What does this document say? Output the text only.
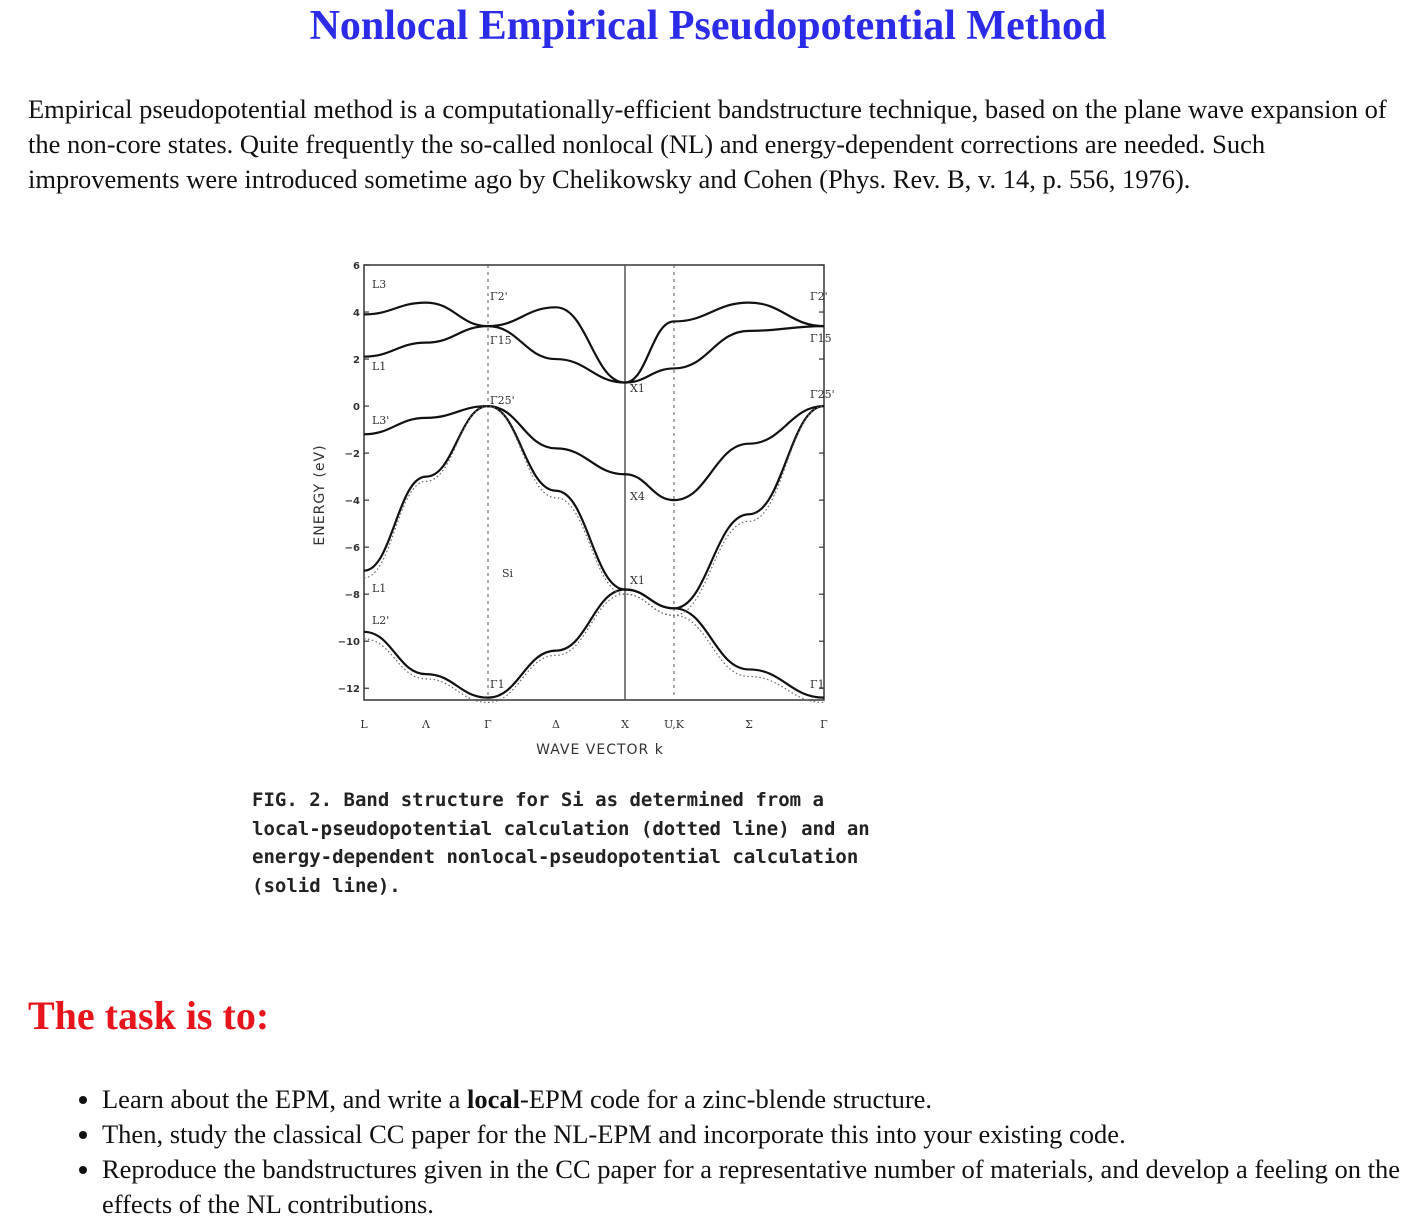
Nonlocal Empirical Pseudopotential Method

Empirical pseudopotential method is a computationally-efficient bandstructure technique, based on the plane wave expansion of the non-core states. Quite frequently the so-called nonlocal (NL) and energy-dependent corrections are needed. Such improvements were introduced sometime ago by Chelikowsky and Cohen (Phys. Rev. B, v. 14, p. 556, 1976).

6
4
2
0
−2
−4
−6
−8
−10
−12
L	Λ	Γ	Δ	X	U,K	Σ	Γ
L3
L1
L3'
L1
L2'
Γ2'
Γ15
Γ25'
Γ1
X1
X4
X1
Γ2'
Γ15
Γ25'
Γ1
Si
ENERGY (eV)
WAVE VECTOR k

FIG. 2. Band structure for Si as determined from a local-pseudopotential calculation (dotted line) and an energy-dependent nonlocal-pseudopotential calculation (solid line).

The task is to:
• Learn about the EPM, and write a local-EPM code for a zinc-blende structure.
• Then, study the classical CC paper for the NL-EPM and incorporate this into your existing code.
• Reproduce the bandstructures given in the CC paper for a representative number of materials, and develop a feeling on the effects of the NL contributions.
